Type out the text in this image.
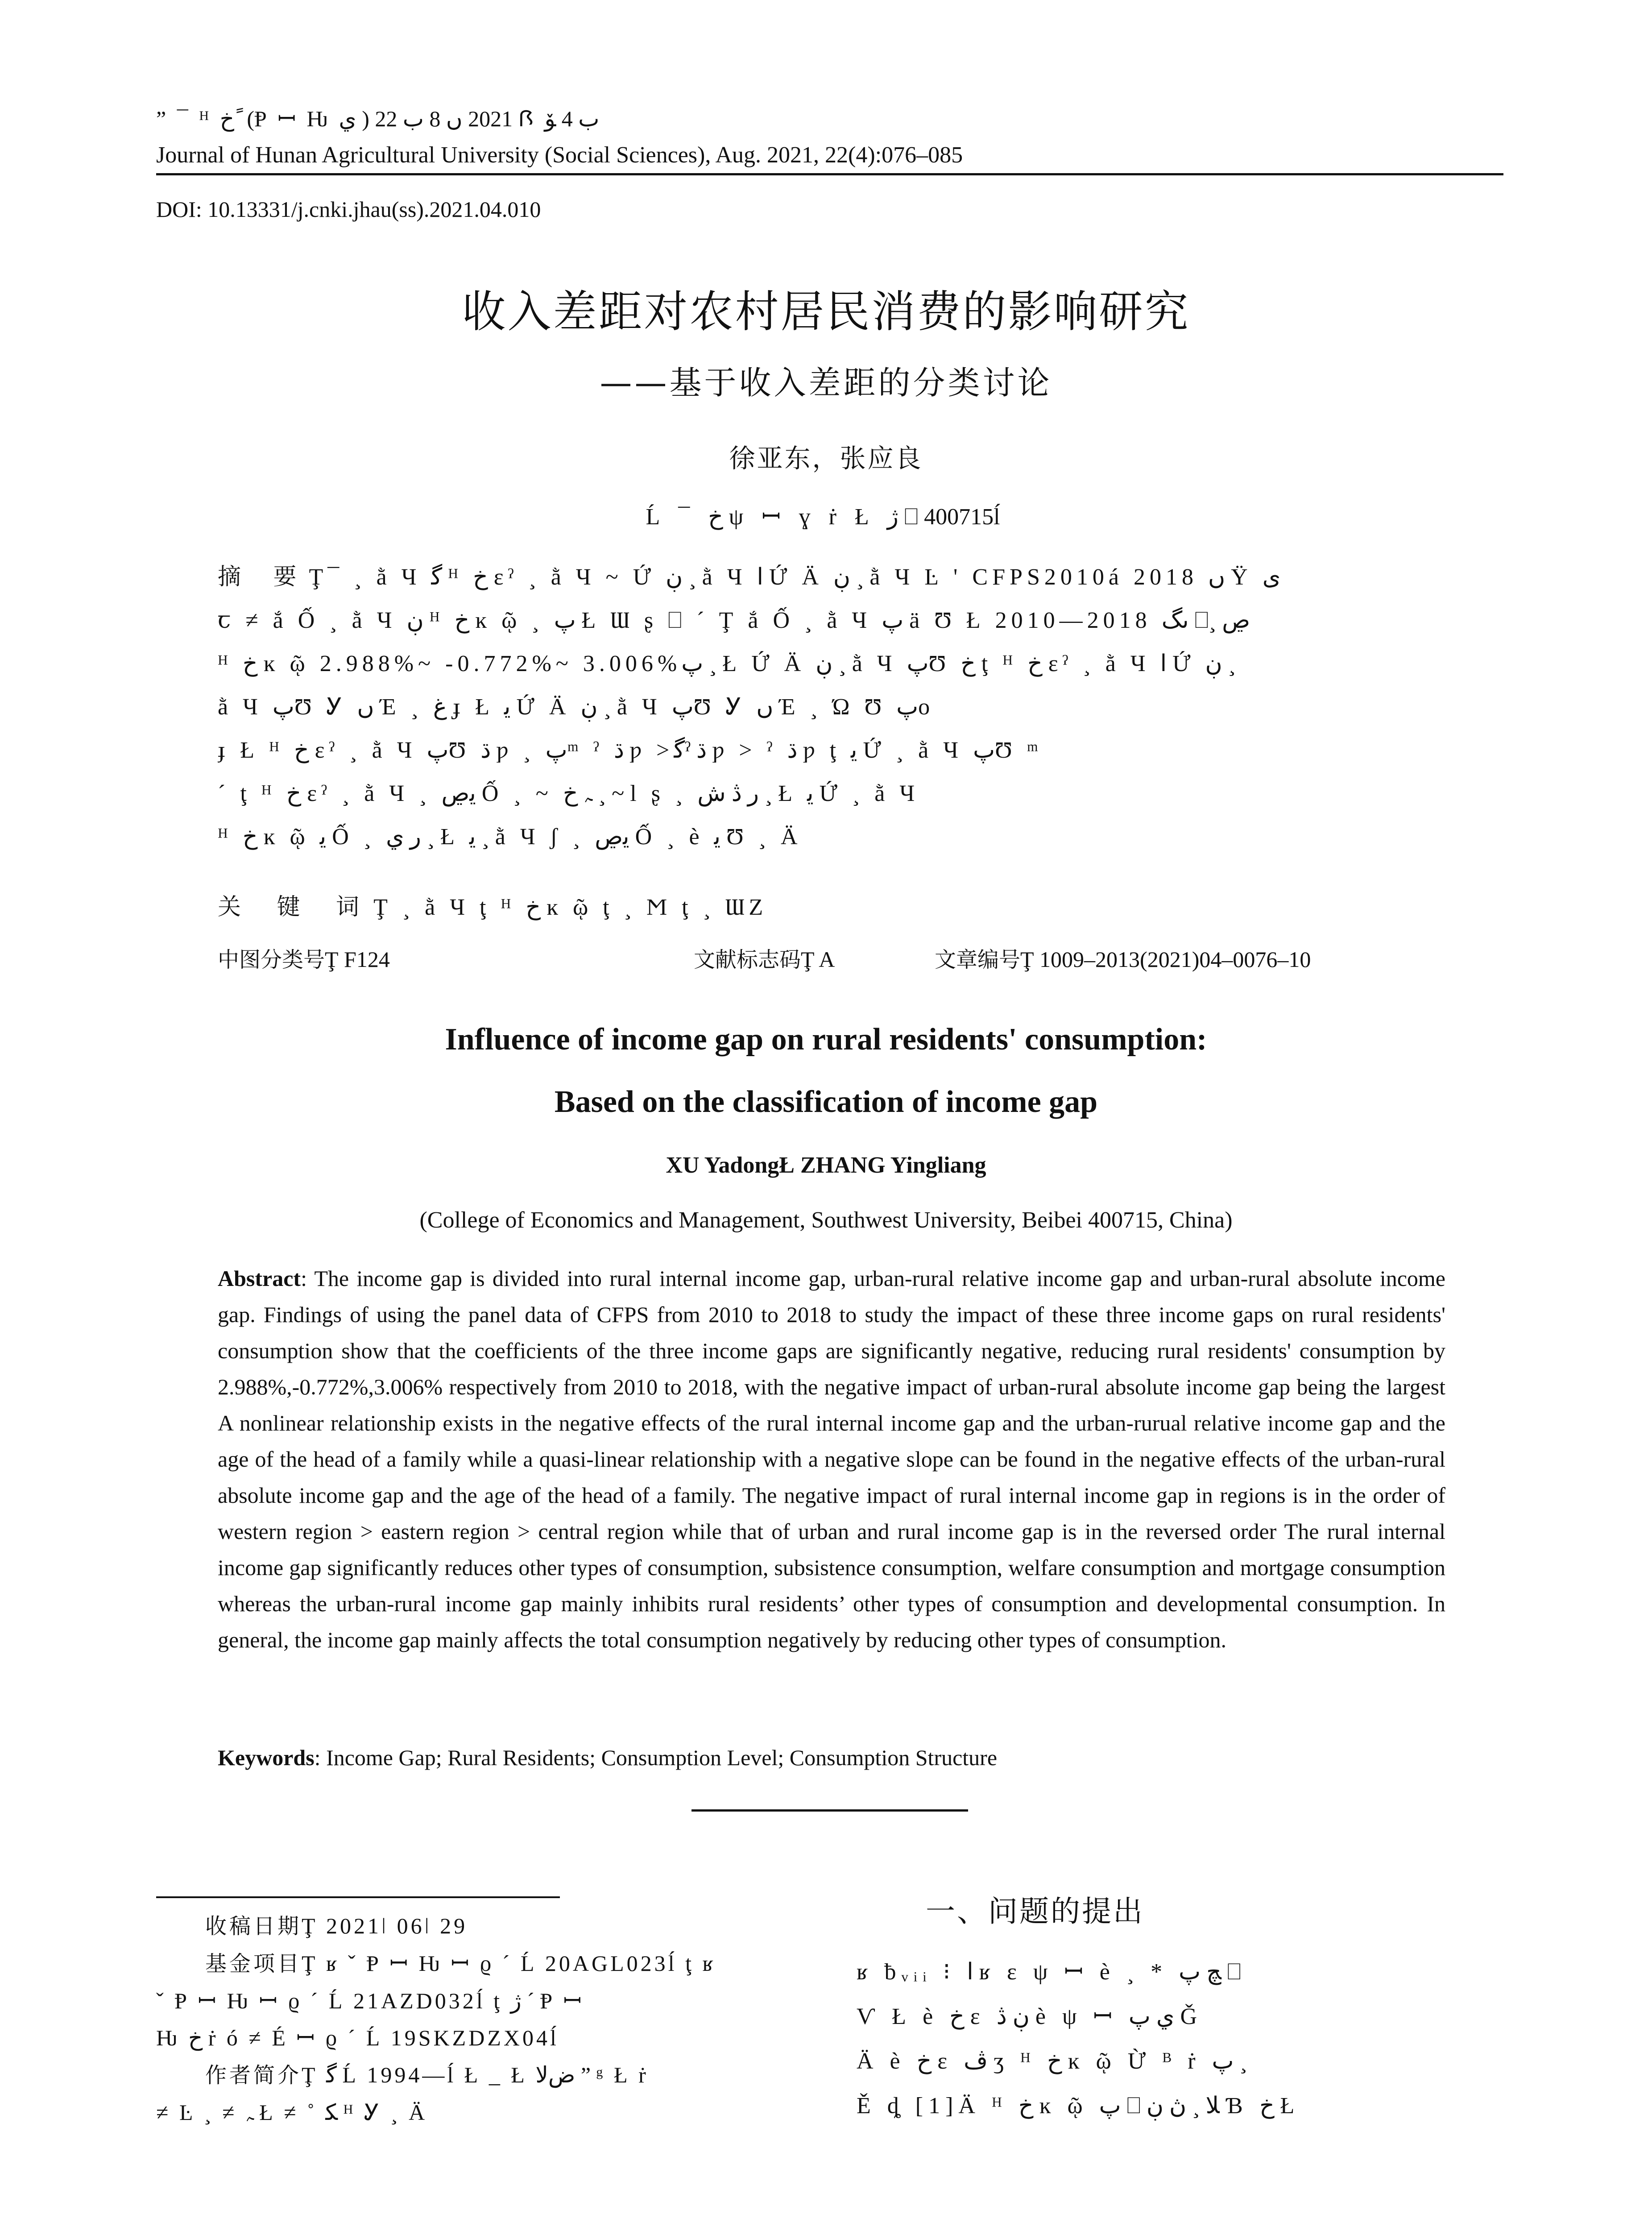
” ¯ ᴴ ﺥ ً (Ᵽ ꟷ Ƕ ي ) 2021 ں 8 ب 22 Ꟗ ب 4 ﯚ
Journal of Hunan Agricultural University (Social Sciences), Aug. 2021, 22(4):076–085
DOI: 10.13331/j.cnki.jhau(ss).2021.04.010
收入差距对农村居民消费的影响研究
——基于收入差距的分类讨论
徐亚东，张应良
Ĺ ¯ ﺥ ψ ꟷ ɣ ṙ Ł ژ ⎕ 400715ĺ
摘 要Ţ¯ ¸ ằ Ч ﮔ ᴴ ﺥ ɛˀ ¸ ằ Ч ~ Ứ ڹ ¸ ằ Ч ﺍ Ứ Ä ڹ ¸ ằ Ч Ŀ ' CFPS2010á 2018 ں Ÿ ی
ꞇ ≠ ắ Ố ¸ ằ Ч ڹ ᴴ ﺥ ĸ ῷ ¸ پ Ł Ɯ ʂ ⎕ ´ Ţ ắ Ố ¸ ằ Ч پ ä Ʊ Ł 2010—2018 ںگ ⎕¸ ڝ
ᴴ ﺥ ĸ ῷ 2.988%~ -0.772%~ 3.006%پ ¸ Ł Ứ Ä ڹ ¸ ằ Ч پƱ ﺥ ţ ᴴ ﺥ ɛˀ ¸ ằ Ч ﺍ Ứ ڹ ¸
ằ Ч پƱ Ꭹ ں Έ ¸ ﻍ ɟ Ł ﯾ Ứ Ä ڹ ¸ ằ Ч پƱ Ꭹ ں Έ ¸ Ώ Ʊ پo
ɟ Ł ᴴ ﺥ ɛˀ ¸ ằ Ч پƱ ﮄ ƿ ¸ پᵐ ˀ ﮄ ƿ >ﮔˀ ﮄ ƿ > ˀ ﮄ ƿ ţ ﯾ Ứ ¸ ằ Ч پƱ ᵐ
ˊ ţ ᴴ ﺥ ɛˀ ¸ ằ Ч ¸ ﯾڝ Ố ¸ ~ ﮧ ﺥ ¸ ~ l ʂ ¸ ﺭ ڎ ﺵ ¸ Ł ﯾ Ứ ¸ ằ Ч
ᴴ ﺥ ĸ ῷ ﯾ Ố ¸ ﺭ ي ¸ Ł ﯾ ¸ ằ Ч ʃ ¸ ﯾڝ Ố ¸ è ﯾ Ʊ ¸ Ä
关 键 词Ţ ¸ ằ Ч ţ ᴴ ﺥ ĸ ῷ ţ ¸ Ϻ ţ ¸ ƜZ
中图分类号Ţ F124	文献标志码Ţ A	文章编号Ţ 1009–2013(2021)04–0076–10
Influence of income gap on rural residents' consumption:
Based on the classification of income gap
XU YadongŁ ZHANG Yingliang
(College of Economics and Management, Southwest University, Beibei 400715, China)
Abstract: The income gap is divided into rural internal income gap, urban-rural relative income gap and urban-rural absolute income gap. Findings of using the panel data of CFPS from 2010 to 2018 to study the impact of these three income gaps on rural residents' consumption show that the coefficients of the three income gaps are significantly negative, reducing rural residents' consumption by 2.988%,-0.772%,3.006% respectively from 2010 to 2018, with the negative impact of urban-rural absolute income gap being the largest A nonlinear relationship exists in the negative effects of the rural internal income gap and the urban-rurual relative income gap and the age of the head of a family while a quasi-linear relationship with a negative slope can be found in the negative effects of the urban-rural absolute income gap and the age of the head of a family. The negative impact of rural internal income gap in regions is in the order of western region > eastern region > central region while that of urban and rural income gap is in the reversed order The rural internal income gap significantly reduces other types of consumption, subsistence consumption, welfare consumption and mortgage consumption whereas the urban-rural income gap mainly inhibits rural residents’ other types of consumption and developmental consumption. In general, the income gap mainly affects the total consumption negatively by reducing other types of consumption.
Keywords: Income Gap; Rural Residents; Consumption Level; Consumption Structure
收稿日期Ţ 2021ǀ 06ǀ 29
基金项目Ţ ʁ ˇ Ᵽ ꟷ Ƕ ꟷ ϱ ˊ Ĺ 20AGL023ĺ ţ ʁ
ˇ Ᵽ ꟷ Ƕ ꟷ ϱ ˊ Ĺ 21AZD032ĺ ţ ژ ˊ Ᵽ ꟷ
Ƕ ﺥ ṙ ó ≠ É ꟷ ϱ ˊ Ĺ 19SKZDZX04ĺ
作者简介Ţ ﮔ Ĺ 1994—ĺ Ł _ Ł ﺽﻻ ” ᵍ Ł ṙ
≠ Ŀ ¸ ≠ ﮧ Ł ≠ ˚ ﮑ ᴴ Ꭹ ¸ Ä
一、问题的提出
ʁ ƀᵥᵢᵢ ⁝ ﺍ ʁ ɛ ψ ꟷ è ¸ * ﭻ پ ⎕
Ѵ Ł è ﺥ ɛ ڹ ڎ è ψ ꟷ ي پ Ǧ
Ä è ﺥ ɛ ڤ ʒ ᴴ ﺥ ĸ ῷ Ừ ᴮ ṙ پ ¸
Ě ȡ [1]Ä ᴴ ﺥ ĸ ῷ پ ⎕ ﻼ ¸ ڽ ڹ Ɓ ﺥ Ł
